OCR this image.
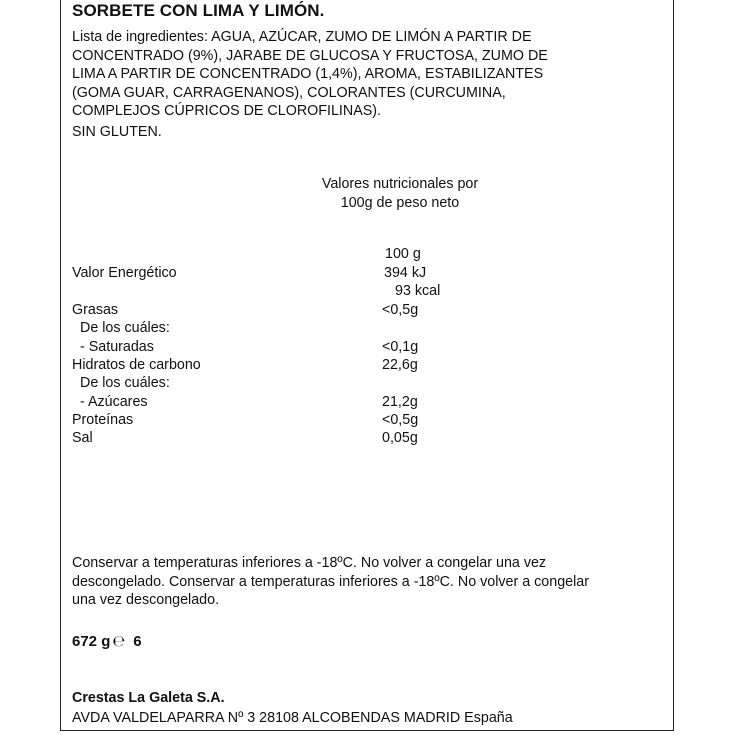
SORBETE CON LIMA Y LIMÓN.
Lista de ingredientes: AGUA, AZÚCAR, ZUMO DE LIMÓN A PARTIR DE
CONCENTRADO (9%), JARABE DE GLUCOSA Y FRUCTOSA, ZUMO DE
LIMA A PARTIR DE CONCENTRADO (1,4%), AROMA, ESTABILIZANTES
(GOMA GUAR, CARRAGENANOS), COLORANTES (CURCUMINA,
COMPLEJOS CÚPRICOS DE CLOROFILINAS).
SIN GLUTEN.
Valores nutricionales por
100g de peso neto
100 g
Valor Energético	394 kJ
93 kcal
Grasas	<0,5g
De los cuáles:
- Saturadas	<0,1g
Hidratos de carbono	22,6g
De los cuáles:
- Azúcares	21,2g
Proteínas	<0,5g
Sal	0,05g
Conservar a temperaturas inferiores a -18ºC. No volver a congelar una vez
descongelado. Conservar a temperaturas inferiores a -18ºC. No volver a congelar
una vez descongelado.
672 g ℮ 6
Crestas La Galeta S.A.
AVDA VALDELAPARRA Nº 3 28108 ALCOBENDAS MADRID España
